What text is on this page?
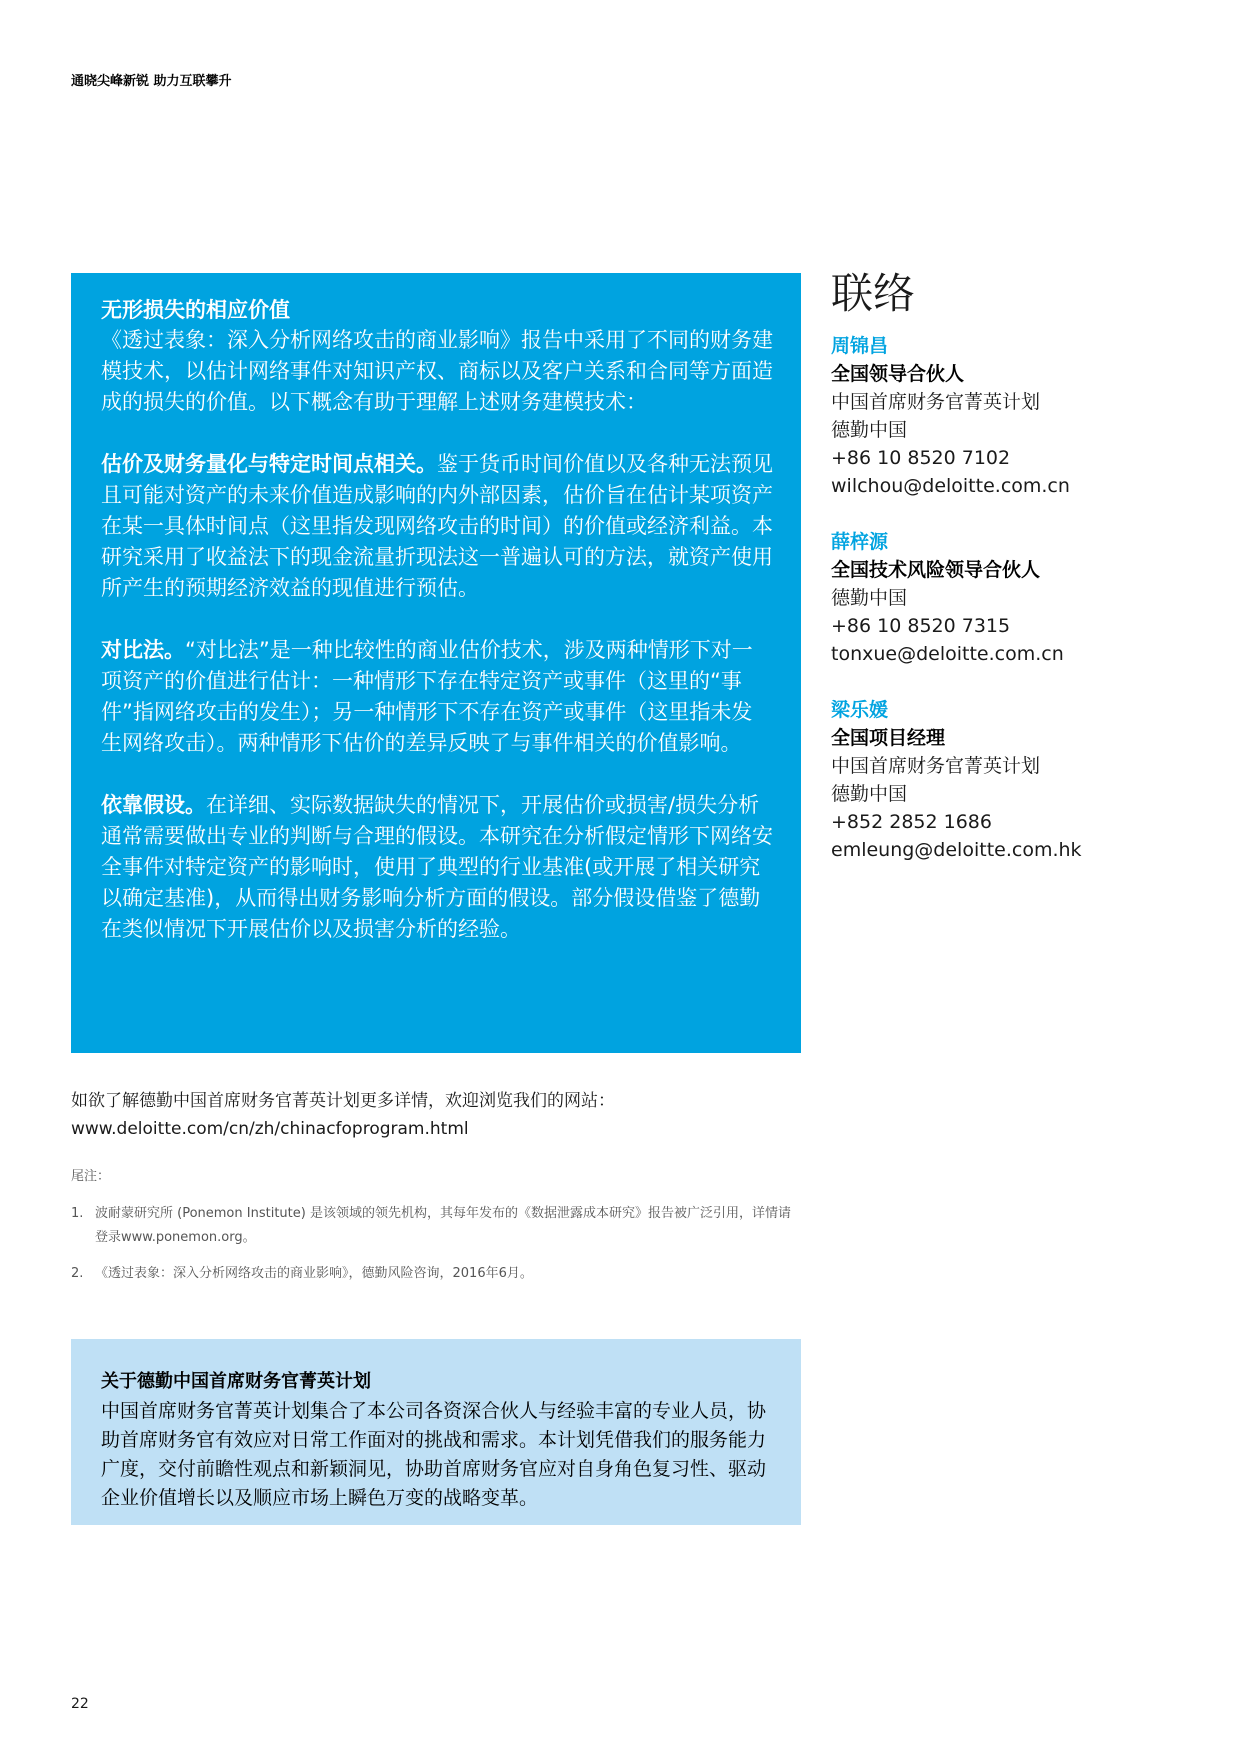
通晓尖峰新锐 助力互联攀升
无形损失的相应价值

《透过表象：深入分析网络攻击的商业影响》报告中采用了不同的财务建模技术，以估计网络事件对知识产权、商标以及客户关系和合同等方面造成的损失的价值。以下概念有助于理解上述财务建模技术：

估价及财务量化与特定时间点相关。鉴于货币时间价值以及各种无法预见且可能对资产的未来价值造成影响的内外部因素，估价旨在估计某项资产在某一具体时间点（这里指发现网络攻击的时间）的价值或经济利益。本研究采用了收益法下的现金流量折现法这一普遍认可的方法，就资产使用所产生的预期经济效益的现值进行预估。

对比法。“对比法”是一种比较性的商业估价技术，涉及两种情形下对一项资产的价值进行估计：一种情形下存在特定资产或事件（这里的“事件”指网络攻击的发生）；另一种情形下不存在资产或事件（这里指未发生网络攻击）。两种情形下估价的差异反映了与事件相关的价值影响。

依靠假设。在详细、实际数据缺失的情况下，开展估价或损害/损失分析通常需要做出专业的判断与合理的假设。本研究在分析假定情形下网络安全事件对特定资产的影响时，使用了典型的行业基准(或开展了相关研究以确定基准)，从而得出财务影响分析方面的假设。部分假设借鉴了德勤在类似情况下开展估价以及损害分析的经验。

联络
周锦昌
全国领导合伙人
中国首席财务官菁英计划
德勤中国
+86 10 8520 7102
wilchou@deloitte.com.cn
薛梓源
全国技术风险领导合伙人
德勤中国
+86 10 8520 7315
tonxue@deloitte.com.cn
梁乐媛
全国项目经理
中国首席财务官菁英计划
德勤中国
+852 2852 1686
emleung@deloitte.com.hk
如欲了解德勤中国首席财务官菁英计划更多详情，欢迎浏览我们的网站：
www.deloitte.com/cn/zh/chinacfoprogram.html
尾注：
1. 波耐蒙研究所 (Ponemon Institute) 是该领域的领先机构，其每年发布的《数据泄露成本研究》报告被广泛引用，详情请登录www.ponemon.org。
2. 《透过表象：深入分析网络攻击的商业影响》，德勤风险咨询，2016年6月。
关于德勤中国首席财务官菁英计划
中国首席财务官菁英计划集合了本公司各资深合伙人与经验丰富的专业人员，协助首席财务官有效应对日常工作面对的挑战和需求。本计划凭借我们的服务能力广度，交付前瞻性观点和新颖洞见，协助首席财务官应对自身角色复习性、驱动企业价值增长以及顺应市场上瞬色万变的战略变革。
22
